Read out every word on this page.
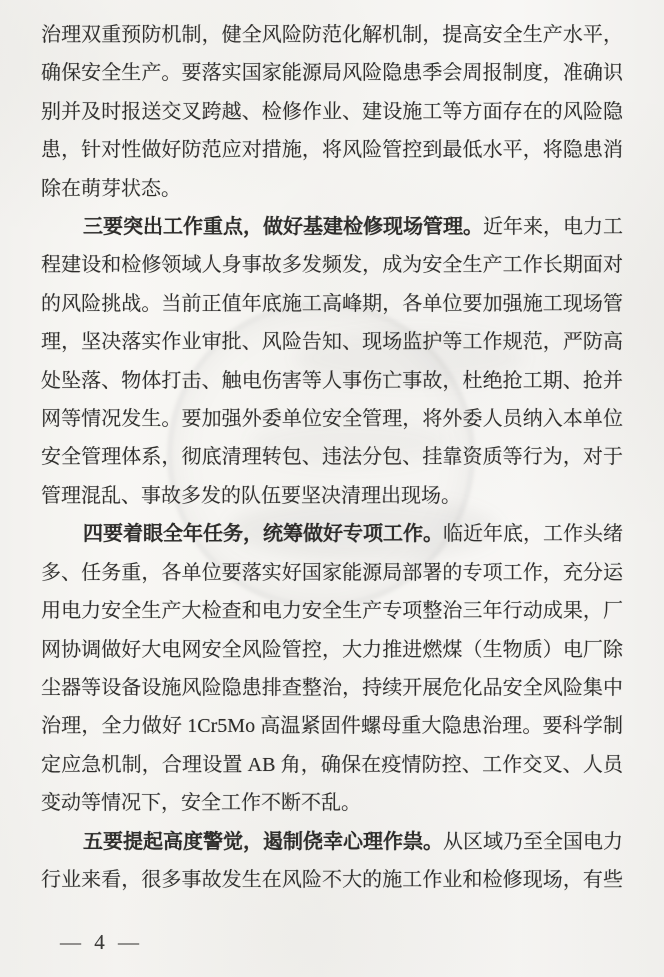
治理双重预防机制，健全风险防范化解机制，提高安全生产水平，
确保安全生产。要落实国家能源局风险隐患季会周报制度，准确识
别并及时报送交叉跨越、检修作业、建设施工等方面存在的风险隐
患，针对性做好防范应对措施，将风险管控到最低水平，将隐患消
除在萌芽状态。
三要突出工作重点，做好基建检修现场管理。近年来，电力工
程建设和检修领域人身事故多发频发，成为安全生产工作长期面对
的风险挑战。当前正值年底施工高峰期，各单位要加强施工现场管
理，坚决落实作业审批、风险告知、现场监护等工作规范，严防高
处坠落、物体打击、触电伤害等人事伤亡事故，杜绝抢工期、抢并
网等情况发生。要加强外委单位安全管理，将外委人员纳入本单位
安全管理体系，彻底清理转包、违法分包、挂靠资质等行为，对于
管理混乱、事故多发的队伍要坚决清理出现场。
四要着眼全年任务，统筹做好专项工作。临近年底，工作头绪
多、任务重，各单位要落实好国家能源局部署的专项工作，充分运
用电力安全生产大检查和电力安全生产专项整治三年行动成果，厂
网协调做好大电网安全风险管控，大力推进燃煤（生物质）电厂除
尘器等设备设施风险隐患排查整治，持续开展危化品安全风险集中
治理，全力做好 1Cr5Mo 高温紧固件螺母重大隐患治理。要科学制
定应急机制，合理设置 AB 角，确保在疫情防控、工作交叉、人员
变动等情况下，安全工作不断不乱。
五要提起高度警觉，遏制侥幸心理作祟。从区域乃至全国电力
行业来看，很多事故发生在风险不大的施工作业和检修现场，有些
— 4 —
